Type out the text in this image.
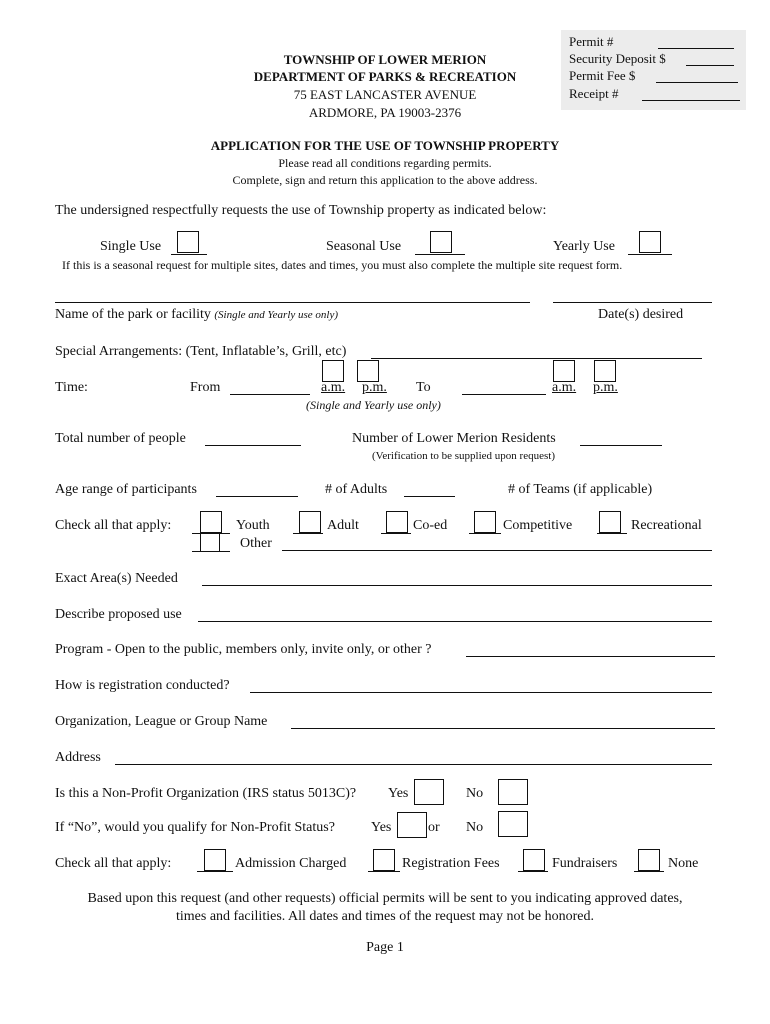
Permit #
Security Deposit $
Permit Fee $
Receipt #
TOWNSHIP OF LOWER MERION
DEPARTMENT OF PARKS & RECREATION
75 EAST LANCASTER AVENUE
ARDMORE, PA 19003-2376
APPLICATION FOR THE USE OF TOWNSHIP PROPERTY
Please read all conditions regarding permits.
Complete, sign and return this application to the above address.
The undersigned respectfully requests the use of Township property as indicated below:
Single Use	Seasonal Use	Yearly Use
If this is a seasonal request for multiple sites, dates and times, you must also complete the multiple site request form.
Name of the park or facility (Single and Yearly use only)	Date(s) desired
Special Arrangements: (Tent, Inflatable’s, Grill, etc)
Time:	From	a.m. p.m. To	a.m. p.m.
(Single and Yearly use only)
Total number of people	Number of Lower Merion Residents
(Verification to be supplied upon request)
Age range of participants	# of Adults	# of Teams (if applicable)
Check all that apply:	Youth	Adult	Co-ed	Competitive	Recreational
Other
Exact Area(s) Needed
Describe proposed use
Program - Open to the public, members only, invite only, or other ?
How is registration conducted?
Organization, League or Group Name
Address
Is this a Non-Profit Organization (IRS status 5013C)? Yes	No
If “No”, would you qualify for Non-Profit Status?	Yes	or No
Check all that apply:	Admission Charged	Registration Fees	Fundraisers	None
Based upon this request (and other requests) official permits will be sent to you indicating approved dates,
times and facilities. All dates and times of the request may not be honored.
Page 1
